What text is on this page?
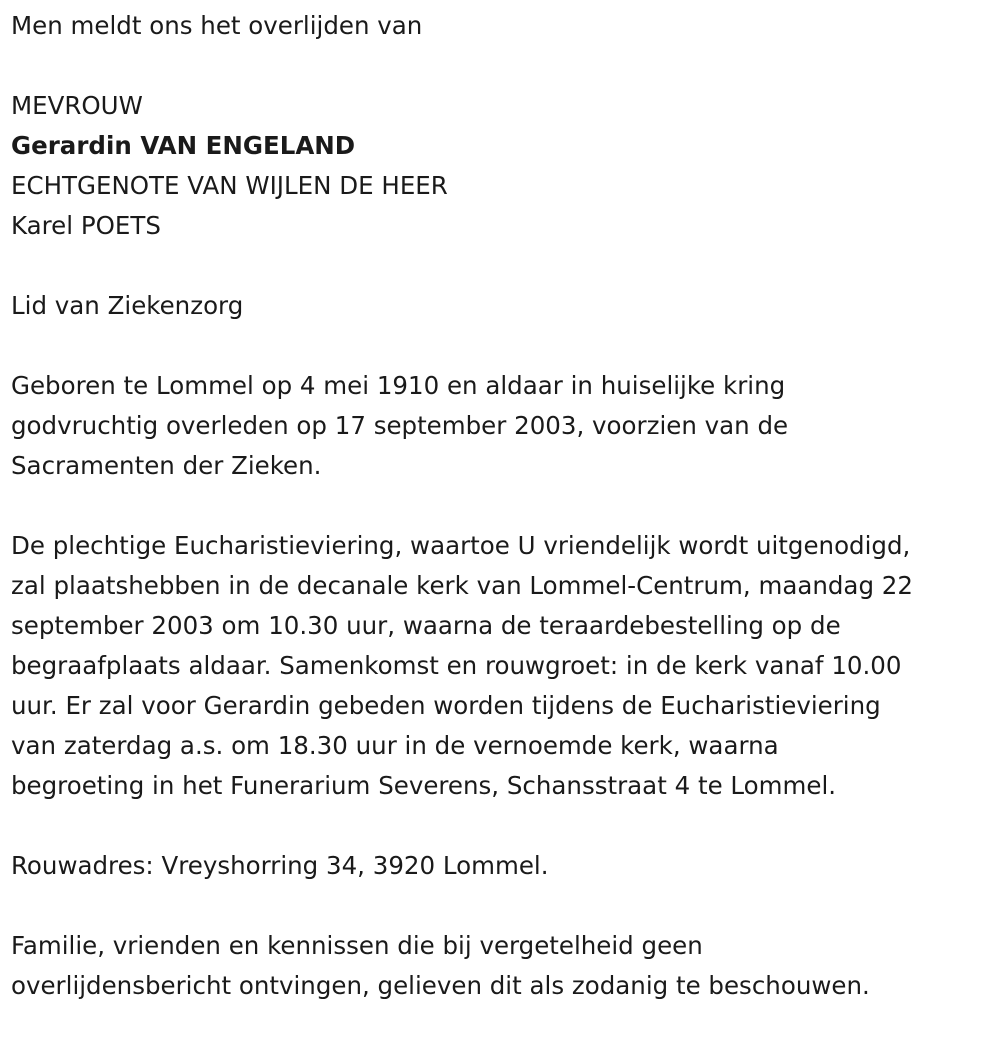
Men meldt ons het overlijden van

MEVROUW

Gerardin VAN ENGELAND

ECHTGENOTE VAN WIJLEN DE HEER

Karel POETS

Lid van Ziekenzorg

Geboren te Lommel op 4 mei 1910 en aldaar in huiselijke kring

godvruchtig overleden op 17 september 2003, voorzien van de

Sacramenten der Zieken.

De plechtige Eucharistieviering, waartoe U vriendelijk wordt uitgenodigd,

zal plaatshebben in de decanale kerk van Lommel-Centrum, maandag 22

september 2003 om 10.30 uur, waarna de teraardebestelling op de

begraafplaats aldaar. Samenkomst en rouwgroet: in de kerk vanaf 10.00

uur. Er zal voor Gerardin gebeden worden tijdens de Eucharistieviering

van zaterdag a.s. om 18.30 uur in de vernoemde kerk, waarna

begroeting in het Funerarium Severens, Schansstraat 4 te Lommel.

Rouwadres: Vreyshorring 34, 3920 Lommel.

Familie, vrienden en kennissen die bij vergetelheid geen

overlijdensbericht ontvingen, gelieven dit als zodanig te beschouwen.
